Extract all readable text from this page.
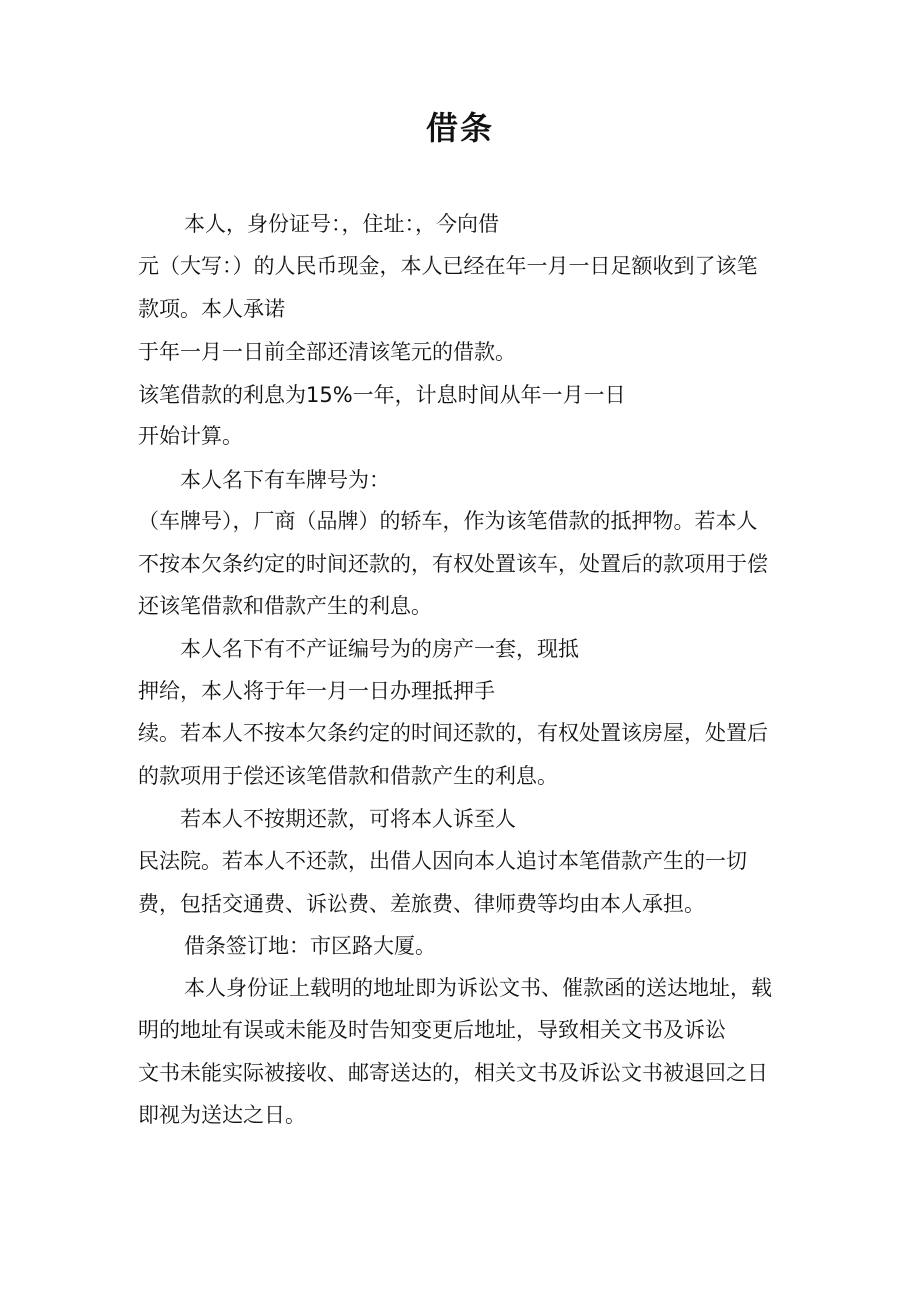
借条
本人，身份证号：，住址：，今向借
元（大写：）的人民币现金，本人已经在年一月一日足额收到了该笔
款项。本人承诺
于年一月一日前全部还清该笔元的借款。
该笔借款的利息为15%一年，计息时间从年一月一日
开始计算。
本人名下有车牌号为：
（车牌号），厂商（品牌）的轿车，作为该笔借款的抵押物。若本人
不按本欠条约定的时间还款的，有权处置该车，处置后的款项用于偿
还该笔借款和借款产生的利息。
本人名下有不产证编号为的房产一套，现抵
押给，本人将于年一月一日办理抵押手
续。若本人不按本欠条约定的时间还款的，有权处置该房屋，处置后
的款项用于偿还该笔借款和借款产生的利息。
若本人不按期还款，可将本人诉至人
民法院。若本人不还款，出借人因向本人追讨本笔借款产生的一切
费，包括交通费、诉讼费、差旅费、律师费等均由本人承担。
借条签订地：市区路大厦。
本人身份证上载明的地址即为诉讼文书、催款函的送达地址，载
明的地址有误或未能及时告知变更后地址，导致相关文书及诉讼
文书未能实际被接收、邮寄送达的，相关文书及诉讼文书被退回之日
即视为送达之日。
